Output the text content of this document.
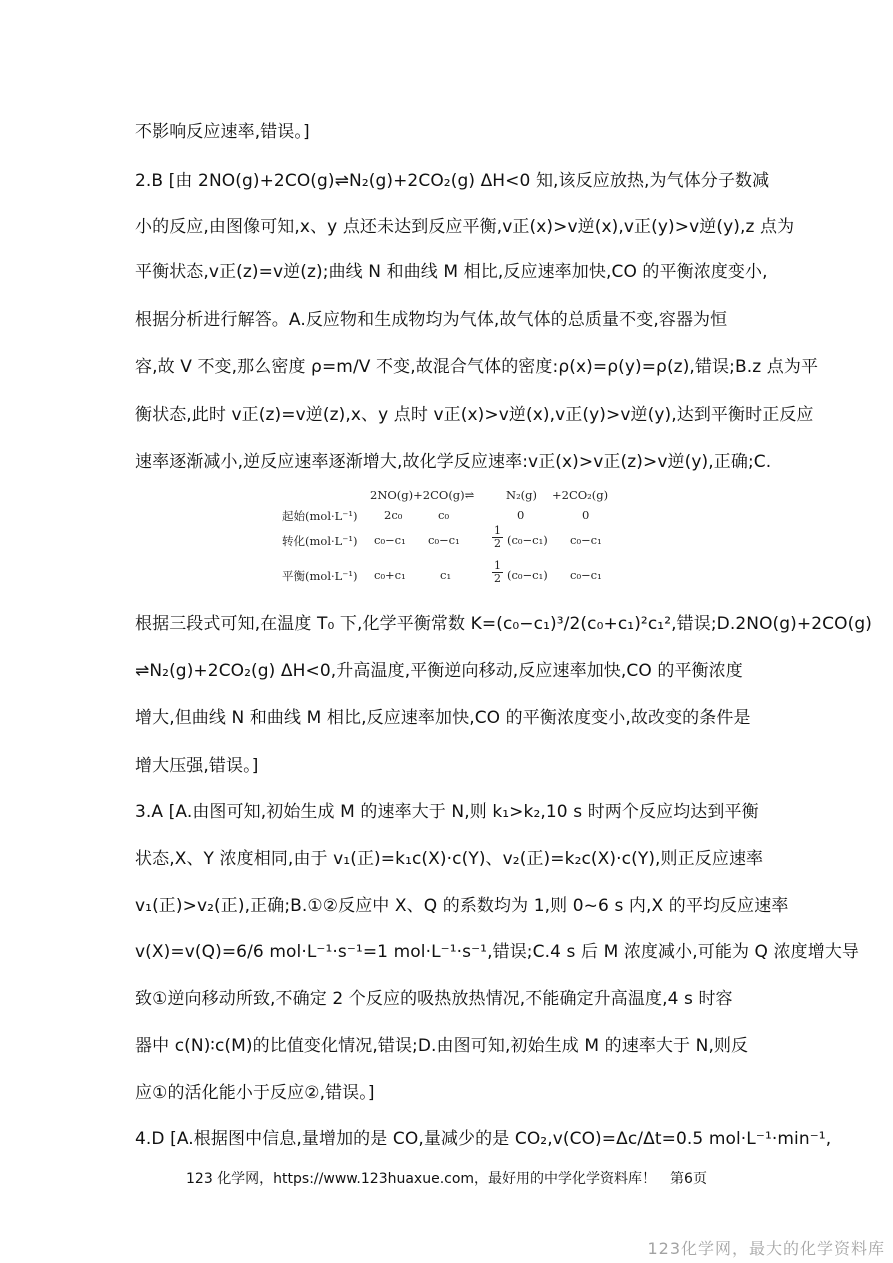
不影响反应速率,错误。]
2.B [由 2NO(g)+2CO(g)⇌N₂(g)+2CO₂(g) ΔH<0 知,该反应放热,为气体分子数减
小的反应,由图像可知,x、y 点还未达到反应平衡,v正(x)>v逆(x),v正(y)>v逆(y),z 点为
平衡状态,v正(z)=v逆(z);曲线 N 和曲线 M 相比,反应速率加快,CO 的平衡浓度变小,
根据分析进行解答。A.反应物和生成物均为气体,故气体的总质量不变,容器为恒
容,故 V 不变,那么密度 ρ=m/V 不变,故混合气体的密度:ρ(x)=ρ(y)=ρ(z),错误;B.z 点为平
衡状态,此时 v正(z)=v逆(z),x、y 点时 v正(x)>v逆(x),v正(y)>v逆(y),达到平衡时正反应
速率逐渐减小,逆反应速率逐渐增大,故化学反应速率:v正(x)>v正(z)>v逆(y),正确;C.
2NO(g)+2CO(g)⇌	N₂(g) +2CO₂(g)
起始(mol·L⁻¹) 2c₀	c₀	0	0
转化(mol·L⁻¹) c₀−c₁ c₀−c₁	$\frac{1}{2} (c_0-c_1)$ c₀−c₁
平衡(mol·L⁻¹) c₀+c₁	c₁	$\frac{1}{2} (c_0-c_1)$ c₀−c₁
根据三段式可知,在温度 T₀ 下,化学平衡常数 K=(c₀−c₁)³/2(c₀+c₁)²c₁²,错误;D.2NO(g)+2CO(g)
⇌N₂(g)+2CO₂(g) ΔH<0,升高温度,平衡逆向移动,反应速率加快,CO 的平衡浓度
增大,但曲线 N 和曲线 M 相比,反应速率加快,CO 的平衡浓度变小,故改变的条件是
增大压强,错误。]
3.A [A.由图可知,初始生成 M 的速率大于 N,则 k₁>k₂,10 s 时两个反应均达到平衡
状态,X、Y 浓度相同,由于 v₁(正)=k₁c(X)·c(Y)、v₂(正)=k₂c(X)·c(Y),则正反应速率
v₁(正)>v₂(正),正确;B.①②反应中 X、Q 的系数均为 1,则 0~6 s 内,X 的平均反应速率
v(X)=v(Q)=6/6 mol·L⁻¹·s⁻¹=1 mol·L⁻¹·s⁻¹,错误;C.4 s 后 M 浓度减小,可能为 Q 浓度增大导
致①逆向移动所致,不确定 2 个反应的吸热放热情况,不能确定升高温度,4 s 时容
器中 c(N)∶c(M)的比值变化情况,错误;D.由图可知,初始生成 M 的速率大于 N,则反
应①的活化能小于反应②,错误。]
4.D [A.根据图中信息,量增加的是 CO,量减少的是 CO₂,v(CO)=Δc/Δt=0.5 mol·L⁻¹·min⁻¹,
123 化学网，https://www.123huaxue.com，最好用的中学化学资料库！　第6页
123化学网，最大的化学资料库
